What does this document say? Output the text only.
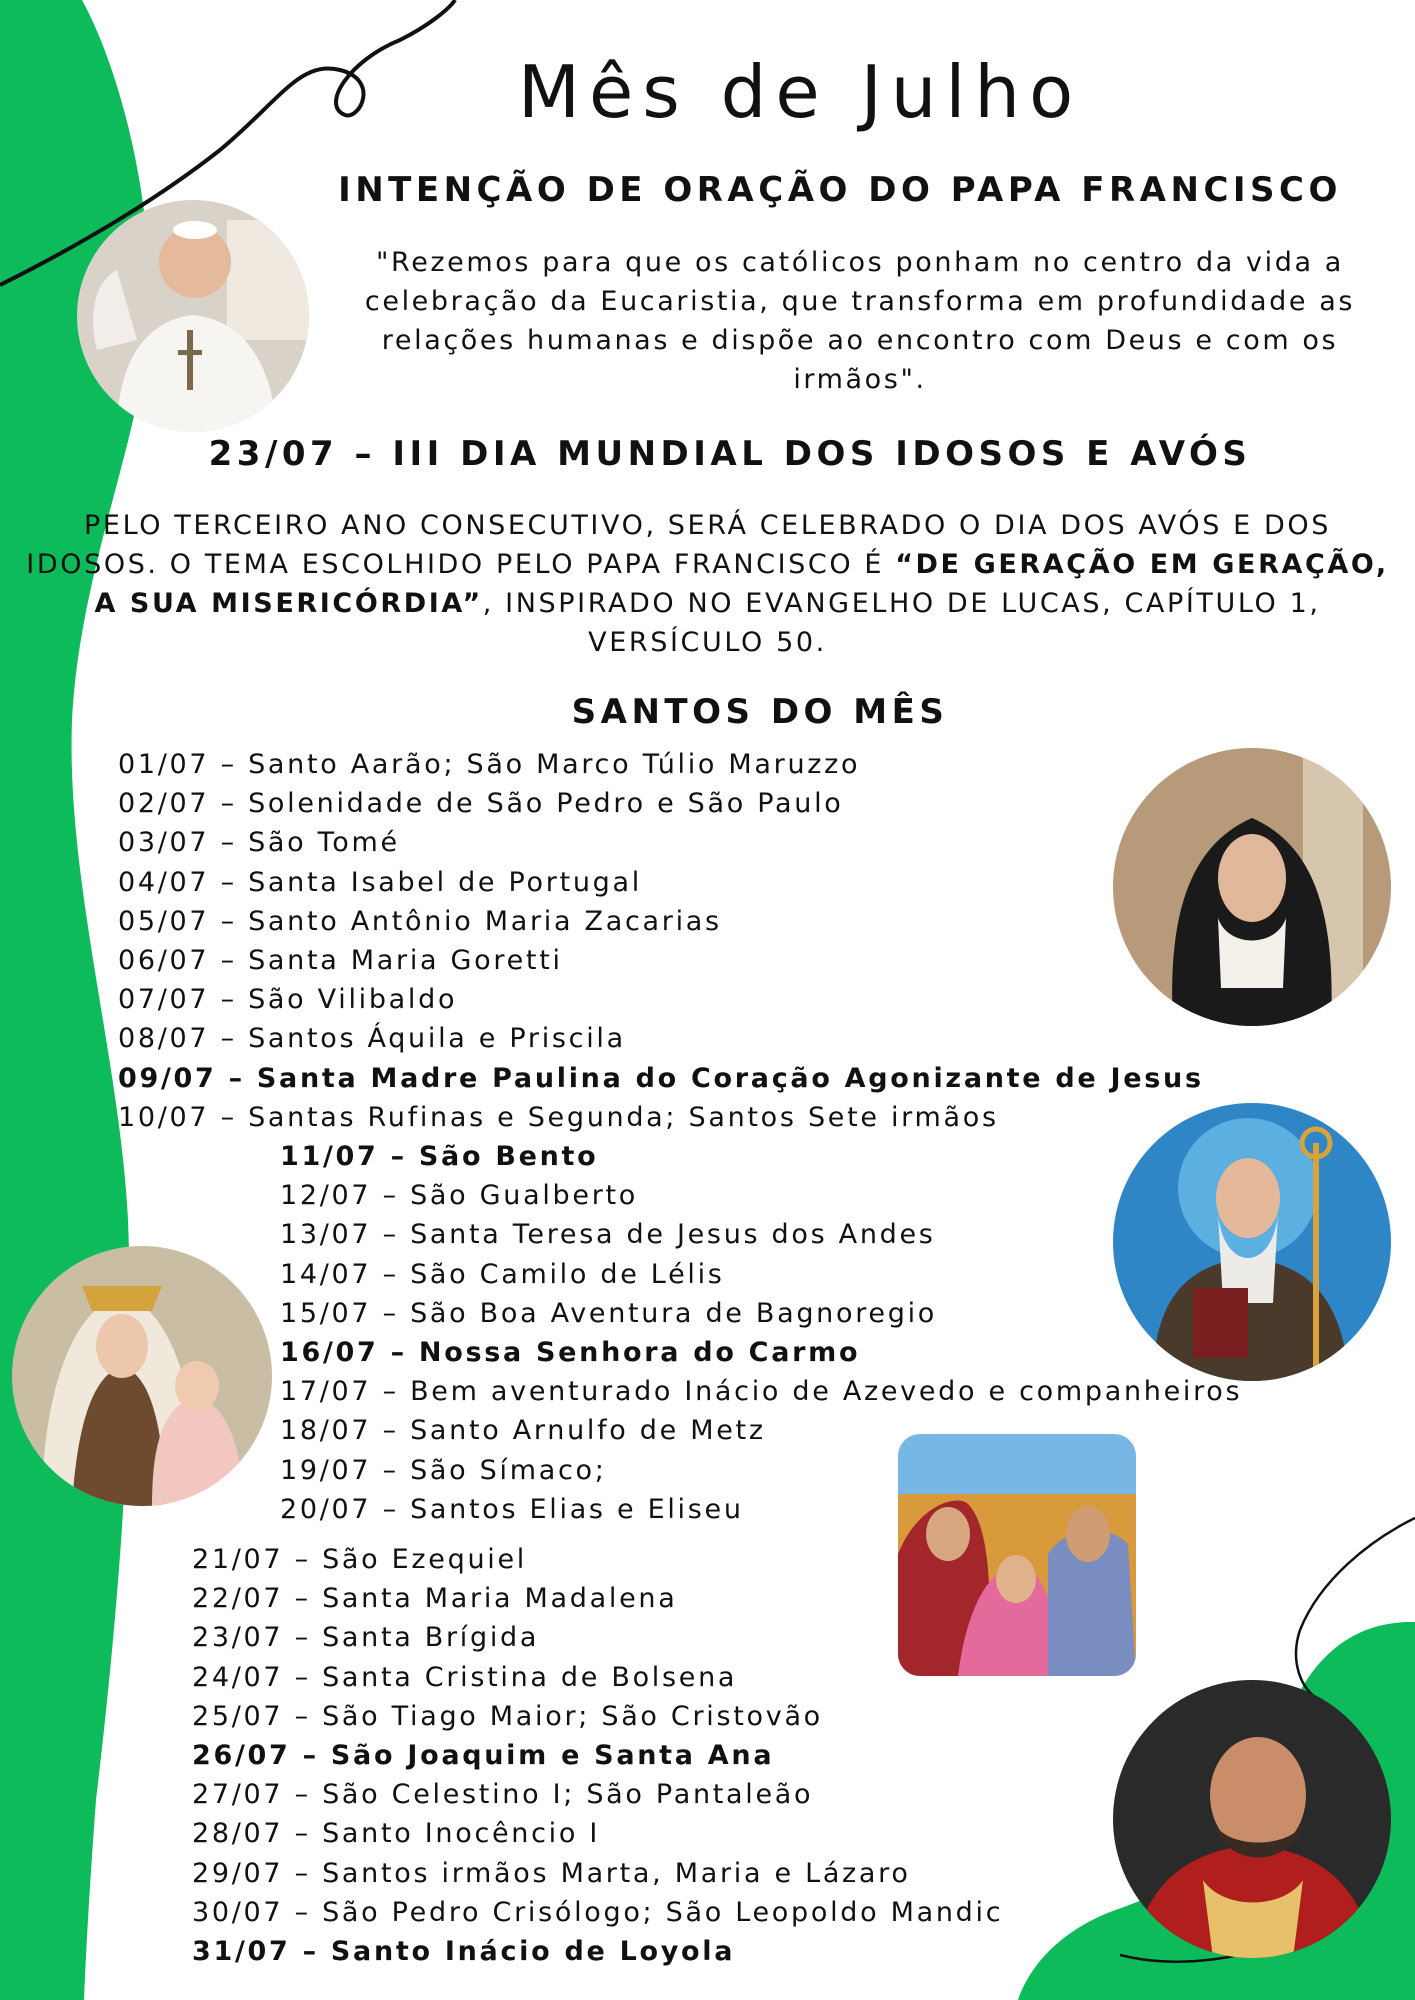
Mês de Julho
INTENÇÃO DE ORAÇÃO DO PAPA FRANCISCO
"Rezemos para que os católicos ponham no centro da vida a celebração da Eucaristia, que transforma em profundidade as relações humanas e dispõe ao encontro com Deus e com os irmãos".
23/07 – III DIA MUNDIAL DOS IDOSOS E AVÓS
PELO TERCEIRO ANO CONSECUTIVO, SERÁ CELEBRADO O DIA DOS AVÓS E DOS IDOSOS. O TEMA ESCOLHIDO PELO PAPA FRANCISCO É “DE GERAÇÃO EM GERAÇÃO, A SUA MISERICÓRDIA”, INSPIRADO NO EVANGELHO DE LUCAS, CAPÍTULO 1, VERSÍCULO 50.
SANTOS DO MÊS
01/07 – Santo Aarão; São Marco Túlio Maruzzo
02/07 – Solenidade de São Pedro e São Paulo
03/07 – São Tomé
04/07 – Santa Isabel de Portugal
05/07 – Santo Antônio Maria Zacarias
06/07 – Santa Maria Goretti
07/07 – São Vilibaldo
08/07 – Santos Áquila e Priscila
09/07 – Santa Madre Paulina do Coração Agonizante de Jesus
10/07 – Santas Rufinas e Segunda; Santos Sete irmãos
11/07 – São Bento
12/07 – São Gualberto
13/07 – Santa Teresa de Jesus dos Andes
14/07 – São Camilo de Lélis
15/07 – São Boa Aventura de Bagnoregio
16/07 – Nossa Senhora do Carmo
17/07 – Bem aventurado Inácio de Azevedo e companheiros
18/07 – Santo Arnulfo de Metz
19/07 – São Símaco;
20/07 – Santos Elias e Eliseu
21/07 – São Ezequiel
22/07 – Santa Maria Madalena
23/07 – Santa Brígida
24/07 – Santa Cristina de Bolsena
25/07 – São Tiago Maior; São Cristovão
26/07 – São Joaquim e Santa Ana
27/07 – São Celestino I; São Pantaleão
28/07 – Santo Inocêncio I
29/07 – Santos irmãos Marta, Maria e Lázaro
30/07 – São Pedro Crisólogo; São Leopoldo Mandic
31/07 – Santo Inácio de Loyola
